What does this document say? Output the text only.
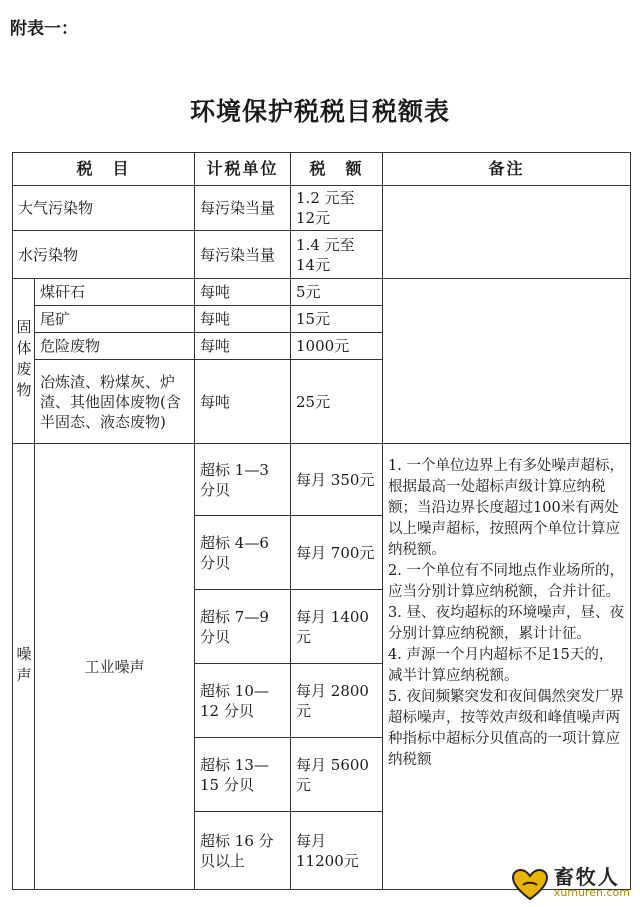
附表一：
环境保护税税目税额表
税　目		计税单位	税　额	备注
大气污染物		每污染当量	1.2 元至 12元	
水污染物		每污染当量	1.4 元至 14元	
固体废物	煤矸石	每吨	5元	
	尾矿	每吨	15元	
	危险废物	每吨	1000元	
	冶炼渣、粉煤灰、炉渣、其他固体废物(含半固态、液态废物)	每吨	25元	
噪声	工业噪声	超标 1—3 分贝	每月 350元	1. 一个单位边界上有多处噪声超标，根据最高一处超标声级计算应纳税额；当沿边界长度超过100米有两处以上噪声超标，按照两个单位计算应纳税额。

2. 一个单位有不同地点作业场所的，应当分别计算应纳税额，合并计征。

3. 昼、夜均超标的环境噪声，昼、夜分别计算应纳税额，累计计征。

4. 声源一个月内超标不足15天的，减半计算应纳税额。

5. 夜间频繁突发和夜间偶然突发厂界超标噪声，按等效声级和峰值噪声两种指标中超标分贝值高的一项计算应纳税额

		超标 4—6 分贝	每月 700元	
		超标 7—9 分贝	每月 1400元	
		超标 10—12 分贝	每月 2800元	
		超标 13—15 分贝	每月 5600元	
		超标 16 分贝以上	每月 11200元	
畜牧人
xumuren.com
